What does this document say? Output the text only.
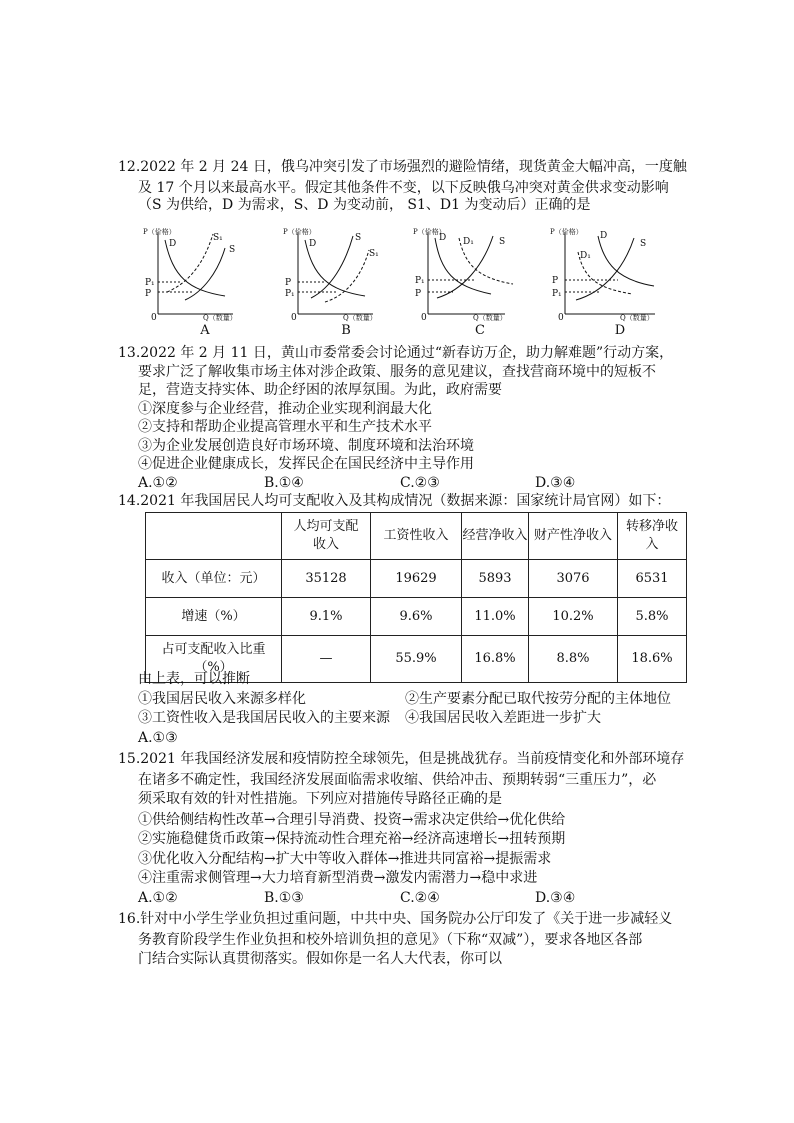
12.2022 年 2 月 24 日，俄乌冲突引发了市场强烈的避险情绪，现货黄金大幅冲高，一度触
及 17 个月以来最高水平。假定其他条件不变，以下反映俄乌冲突对黄金供求变动影响
（S 为供给，D 为需求，S、D 为变动前， S1、D1 为变动后）正确的是
P（价格）
Q（数量）
0
D
S₁
S
P₁
P
A
P（价格）
Q（数量）
0
D
S
S₁
P
P₁
B
P（价格）
Q（数量）
0
D D₁	S
P₁
P
C
P（价格）
Q（数量）
0
D
D₁
S
P
P₁
D
13.2022 年 2 月 11 日，黄山市委常委会讨论通过“新春访万企，助力解难题”行动方案，
要求广泛了解收集市场主体对涉企政策、服务的意见建议，查找营商环境中的短板不
足，营造支持实体、助企纾困的浓厚氛围。为此，政府需要
①深度参与企业经营，推动企业实现利润最大化
②支持和帮助企业提高管理水平和生产技术水平
③为企业发展创造良好市场环境、制度环境和法治环境
④促进企业健康成长，发挥民企在国民经济中主导作用
A.①②	B.①④	C.②③	D.③④
14.2021 年我国居民人均可支配收入及其构成情况（数据来源：国家统计局官网）如下：
	人均可支配收入	工资性收入	经营净收入	财产性净收入	转移净收入
收入（单位：元）	35128	19629	5893	3076	6531
增速（%）	9.1%	9.6%	11.0%	10.2%	5.8%
占可支配收入比重（%）	—	55.9%	16.8%	8.8%	18.6%
由上表，可以推断
①我国居民收入来源多样化	②生产要素分配已取代按劳分配的主体地位
③工资性收入是我国居民收入的主要来源 ④我国居民收入差距进一步扩大
A.①③
15.2021 年我国经济发展和疫情防控全球领先，但是挑战犹存。当前疫情变化和外部环境存
在诸多不确定性，我国经济发展面临需求收缩、供给冲击、预期转弱“三重压力”，必
须采取有效的针对性措施。下列应对措施传导路径正确的是
①供给侧结构性改革→合理引导消费、投资→需求决定供给→优化供给
②实施稳健货币政策→保持流动性合理充裕→经济高速增长→扭转预期
③优化收入分配结构→扩大中等收入群体→推进共同富裕→提振需求
④注重需求侧管理→大力培育新型消费→激发内需潜力→稳中求进
A.①②	B.①③	C.②④	D.③④
16.针对中小学生学业负担过重问题，中共中央、国务院办公厅印发了《关于进一步减轻义
务教育阶段学生作业负担和校外培训负担的意见》（下称“双减”），要求各地区各部
门结合实际认真贯彻落实。假如你是一名人大代表，你可以
